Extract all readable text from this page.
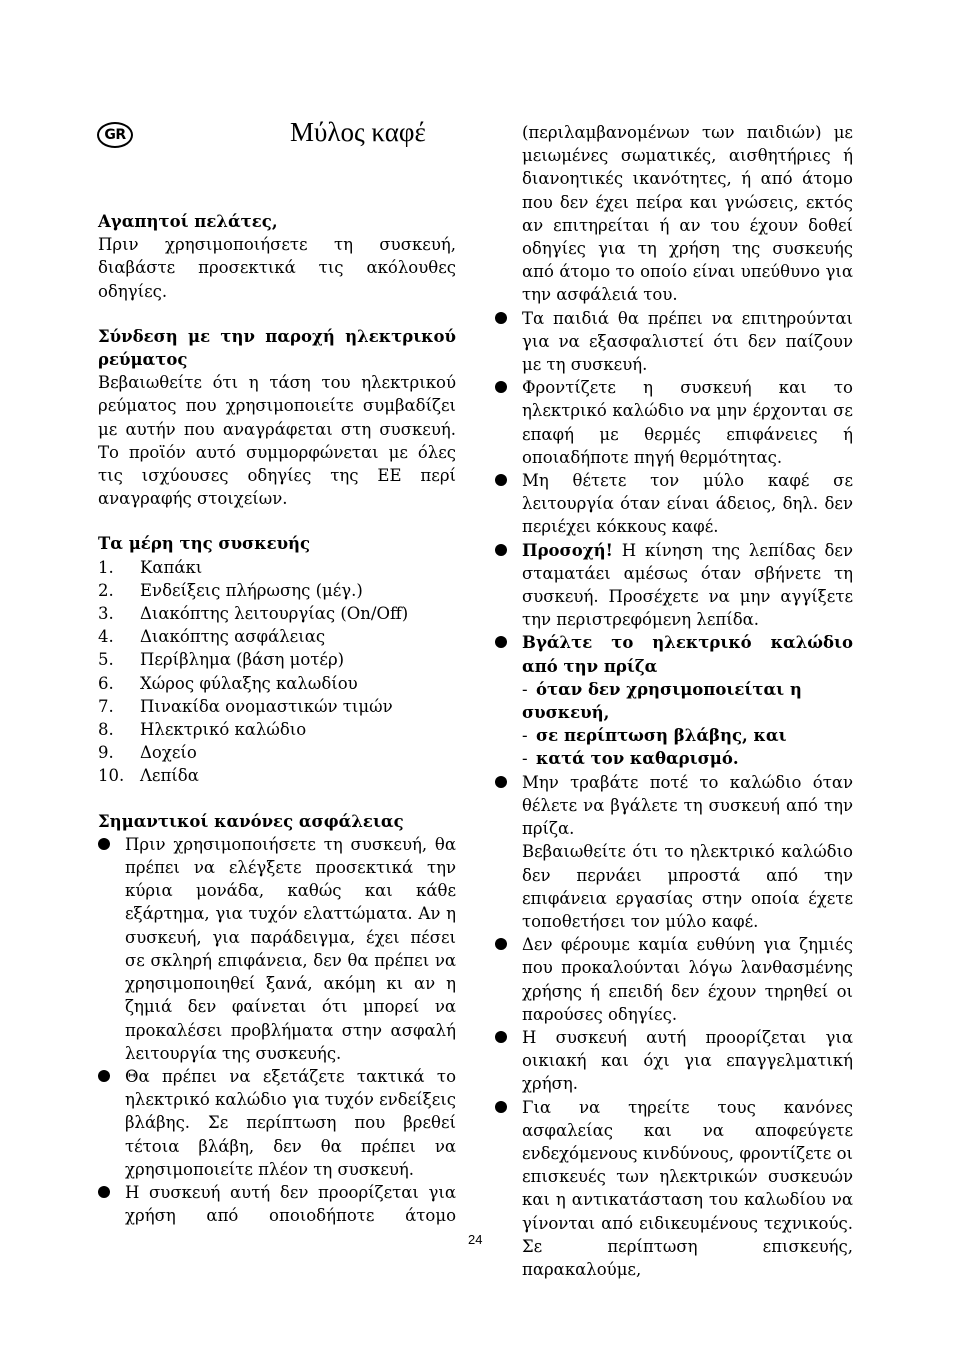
GR	Μύλος καφέ
Αγαπητοί πελάτες,

Πριν χρησιμοποιήσετε τη συσκευή, διαβάστε προσεκτικά τις ακόλουθες οδηγίες.

Σύνδεση με την παροχή ηλεκτρικού ρεύματος

Βεβαιωθείτε ότι η τάση του ηλεκτρικού ρεύματος που χρησιμοποιείτε συμβαδίζει με αυτήν που αναγράφεται στη συσκευή. Το προϊόν αυτό συμμορφώνεται με όλες τις ισχύουσες οδηγίες της ΕΕ περί αναγραφής στοιχείων.

Τα μέρη της συσκευής
1.	Καπάκι
2.	Ενδείξεις πλήρωσης (μέγ.)
3.	Διακόπτης λειτουργίας (On/Off)
4.	Διακόπτης ασφάλειας
5.	Περίβλημα (βάση μοτέρ)
6.	Χώρος φύλαξης καλωδίου
7.	Πινακίδα ονομαστικών τιμών
8.	Ηλεκτρικό καλώδιο
9.	Δοχείο
10. Λεπίδα
Σημαντικοί κανόνες ασφάλειας
Πριν χρησιμοποιήσετε τη συσκευή, θα πρέπει να ελέγξετε προσεκτικά την κύρια μονάδα, καθώς και κάθε εξάρτημα, για τυχόν ελαττώματα. Αν η συσκευή, για παράδειγμα, έχει πέσει σε σκληρή επιφάνεια, δεν θα πρέπει να χρησιμοποιηθεί ξανά, ακόμη κι αν η ζημιά δεν φαίνεται ότι μπορεί να προκαλέσει προβλήματα στην ασφαλή λειτουργία της συσκευής.
Θα πρέπει να εξετάζετε τακτικά το ηλεκτρικό καλώδιο για τυχόν ενδείξεις βλάβης. Σε περίπτωση που βρεθεί τέτοια βλάβη, δεν θα πρέπει να χρησιμοποιείτε πλέον τη συσκευή.
Η συσκευή αυτή δεν προορίζεται για χρήση από οποιοδήποτε άτομο

(περιλαμβανομένων των παιδιών) με μειωμένες σωματικές, αισθητήριες ή διανοητικές ικανότητες, ή από άτομο που δεν έχει πείρα και γνώσεις, εκτός αν επιτηρείται ή αν του έχουν δοθεί οδηγίες για τη χρήση της συσκευής από άτομο το οποίο είναι υπεύθυνο για την ασφάλειά του.

Τα παιδιά θα πρέπει να επιτηρούνται για να εξασφαλιστεί ότι δεν παίζουν με τη συσκευή.
Φροντίζετε η συσκευή και το ηλεκτρικό καλώδιο να μην έρχονται σε επαφή με θερμές επιφάνειες ή οποιαδήποτε πηγή θερμότητας.
Μη θέτετε τον μύλο καφέ σε λειτουργία όταν είναι άδειος, δηλ. δεν περιέχει κόκκους καφέ.
Προσοχή! Η κίνηση της λεπίδας δεν σταματάει αμέσως όταν σβήνετε τη συσκευή. Προσέχετε να μην αγγίξετε την περιστρεφόμενη λεπίδα.
Βγάλτε το ηλεκτρικό καλώδιο από την πρίζα
- όταν δεν χρησιμοποιείται η συσκευή,
- σε περίπτωση βλάβης, και
- κατά τον καθαρισμό.
Μην τραβάτε ποτέ το καλώδιο όταν θέλετε να βγάλετε τη συσκευή από την πρίζα.

Βεβαιωθείτε ότι το ηλεκτρικό καλώδιο δεν περνάει μπροστά από την επιφάνεια εργασίας στην οποία έχετε τοποθετήσει τον μύλο καφέ.

Δεν φέρουμε καμία ευθύνη για ζημιές που προκαλούνται λόγω λανθασμένης χρήσης ή επειδή δεν έχουν τηρηθεί οι παρούσες οδηγίες.
Η συσκευή αυτή προορίζεται για οικιακή και όχι για επαγγελματική χρήση.
Για να τηρείτε τους κανόνες ασφαλείας και να αποφεύγετε ενδεχόμενους κινδύνους, φροντίζετε οι επισκευές των ηλεκτρικών συσκευών και η αντικατάσταση του καλωδίου να γίνονται από ειδικευμένους τεχνικούς. Σε περίπτωση επισκευής, παρακαλούμε,
24
